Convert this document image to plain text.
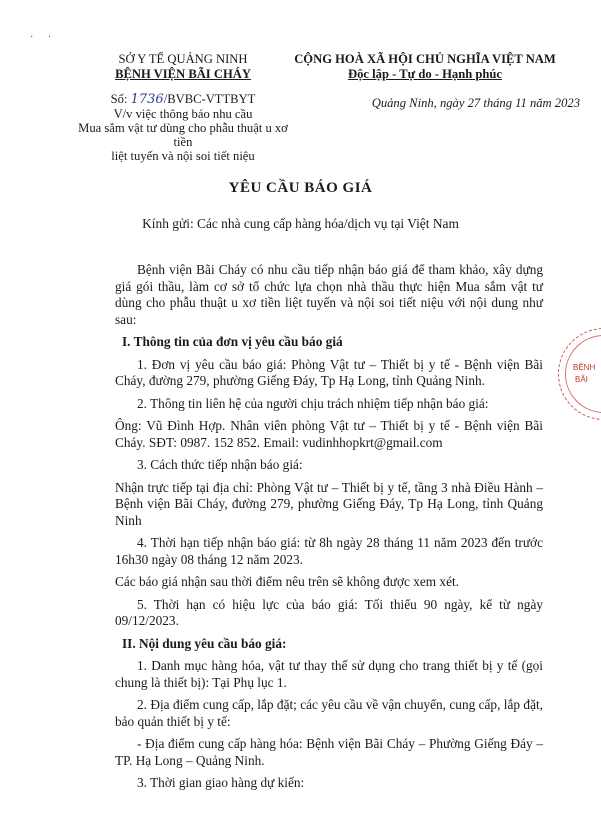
· ·
SỞ Y TẾ QUẢNG NINH
BỆNH VIỆN BÃI CHÁY
Số: 1736/BVBC-VTTBYT
V/v việc thông báo nhu cầu
Mua sắm vật tư dùng cho phẫu thuật u xơ tiền
liệt tuyến và nội soi tiết niệu
CỘNG HOÀ XÃ HỘI CHỦ NGHĨA VIỆT NAM
Độc lập - Tự do - Hạnh phúc
Quảng Ninh, ngày 27 tháng 11 năm 2023
YÊU CẦU BÁO GIÁ
Kính gửi: Các nhà cung cấp hàng hóa/dịch vụ tại Việt Nam

Bệnh viện Bãi Cháy có nhu cầu tiếp nhận báo giá để tham khảo, xây dựng giá gói thầu, làm cơ sở tổ chức lựa chọn nhà thầu thực hiện Mua sắm vật tư dùng cho phẫu thuật u xơ tiền liệt tuyến và nội soi tiết niệu với nội dung như sau:

I. Thông tin của đơn vị yêu cầu báo giá

1. Đơn vị yêu cầu báo giá: Phòng Vật tư – Thiết bị y tế - Bệnh viện Bãi Cháy, đường 279, phường Giếng Đáy, Tp Hạ Long, tỉnh Quảng Ninh.

2. Thông tin liên hệ của người chịu trách nhiệm tiếp nhận báo giá:

Ông: Vũ Đình Hợp. Nhân viên phòng Vật tư – Thiết bị y tế - Bệnh viện Bãi Cháy. SĐT: 0987. 152 852. Email: vudinhhopkrt@gmail.com

3. Cách thức tiếp nhận báo giá:

Nhận trực tiếp tại địa chỉ: Phòng Vật tư – Thiết bị y tế, tầng 3 nhà Điều Hành – Bệnh viện Bãi Cháy, đường 279, phường Giếng Đáy, Tp Hạ Long, tỉnh Quảng Ninh

4. Thời hạn tiếp nhận báo giá: từ 8h ngày 28 tháng 11 năm 2023 đến trước 16h30 ngày 08 tháng 12 năm 2023.

Các báo giá nhận sau thời điểm nêu trên sẽ không được xem xét.

5. Thời hạn có hiệu lực của báo giá: Tối thiểu 90 ngày, kể từ ngày 09/12/2023.

II. Nội dung yêu cầu báo giá:

1. Danh mục hàng hóa, vật tư thay thế sử dụng cho trang thiết bị y tế (gọi chung là thiết bị): Tại Phụ lục 1.

2. Địa điểm cung cấp, lắp đặt; các yêu cầu về vận chuyển, cung cấp, lắp đặt, bảo quản thiết bị y tế:

- Địa điểm cung cấp hàng hóa: Bệnh viện Bãi Cháy – Phường Giếng Đáy – TP. Hạ Long – Quảng Ninh.

3. Thời gian giao hàng dự kiến:

BỆNH
BÃI
